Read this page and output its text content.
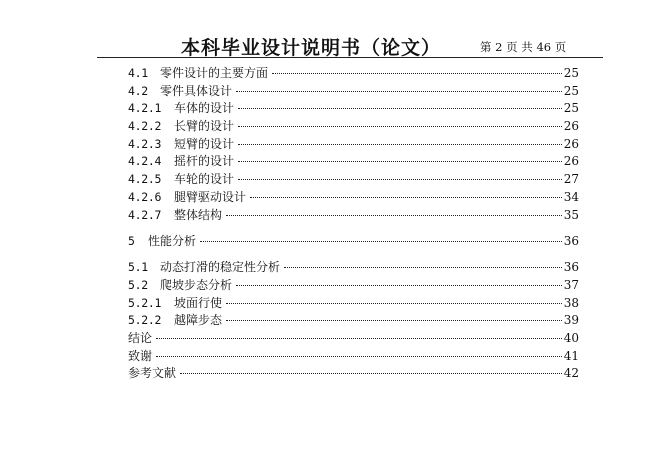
本科毕业设计说明书（论文）	第 2 页 共 46 页
4.1	零件设计的主要方面	25
4.2	零件具体设计	25
4.2.1	车体的设计	25
4.2.2	长臂的设计	26
4.2.3	短臂的设计	26
4.2.4	摇杆的设计	26
4.2.5	车轮的设计	27
4.2.6	腿臂驱动设计	34
4.2.7	整体结构	35
5	性能分析	36
5.1	动态打滑的稳定性分析	36
5.2	爬坡步态分析	37
5.2.1	坡面行使	38
5.2.2	越障步态	39
结论	40
致谢	41
参考文献	42
